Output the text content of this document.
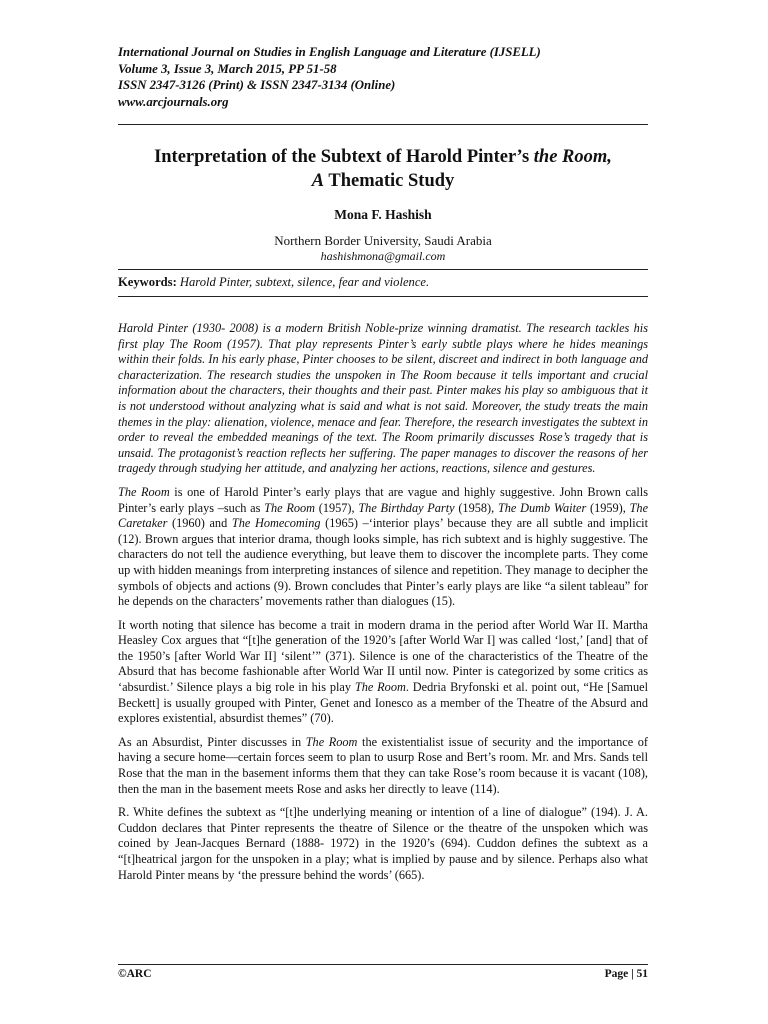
International Journal on Studies in English Language and Literature (IJSELL)
Volume 3, Issue 3, March 2015, PP 51-58
ISSN 2347-3126 (Print) & ISSN 2347-3134 (Online)
www.arcjournals.org
Interpretation of the Subtext of Harold Pinter’s the Room,
A Thematic Study
Mona F. Hashish
Northern Border University, Saudi Arabia
hashishmona@gmail.com
Keywords: Harold Pinter, subtext, silence, fear and violence.
Harold Pinter (1930- 2008) is a modern British Noble-prize winning dramatist. The research tackles his first play The Room (1957). That play represents Pinter’s early subtle plays where he hides meanings within their folds. In his early phase, Pinter chooses to be silent, discreet and indirect in both language and characterization. The research studies the unspoken in The Room because it tells important and crucial information about the characters, their thoughts and their past. Pinter makes his play so ambiguous that it is not understood without analyzing what is said and what is not said. Moreover, the study treats the main themes in the play: alienation, violence, menace and fear. Therefore, the research investigates the subtext in order to reveal the embedded meanings of the text. The Room primarily discusses Rose’s tragedy that is unsaid. The protagonist’s reaction reflects her suffering. The paper manages to discover the reasons of her tragedy through studying her attitude, and analyzing her actions, reactions, silence and gestures.

The Room is one of Harold Pinter’s early plays that are vague and highly suggestive. John Brown calls Pinter’s early plays –such as The Room (1957), The Birthday Party (1958), The Dumb Waiter (1959), The Caretaker (1960) and The Homecoming (1965) –‘interior plays’ because they are all subtle and implicit (12). Brown argues that interior drama, though looks simple, has rich subtext and is highly suggestive. The characters do not tell the audience everything, but leave them to discover the incomplete parts. They come up with hidden meanings from interpreting instances of silence and repetition. They manage to decipher the symbols of objects and actions (9). Brown concludes that Pinter’s early plays are like “a silent tableau” for he depends on the characters’ movements rather than dialogues (15).

It worth noting that silence has become a trait in modern drama in the period after World War II. Martha Heasley Cox argues that “[t]he generation of the 1920’s [after World War I] was called ‘lost,’ [and] that of the 1950’s [after World War II] ‘silent’” (371). Silence is one of the characteristics of the Theatre of the Absurd that has become fashionable after World War II until now. Pinter is categorized by some critics as ‘absurdist.’ Silence plays a big role in his play The Room. Dedria Bryfonski et al. point out, “He [Samuel Beckett] is usually grouped with Pinter, Genet and Ionesco as a member of the Theatre of the Absurd and explores existential, absurdist themes” (70).

As an Absurdist, Pinter discusses in The Room the existentialist issue of security and the importance of having a secure home—certain forces seem to plan to usurp Rose and Bert’s room. Mr. and Mrs. Sands tell Rose that the man in the basement informs them that they can take Rose’s room because it is vacant (108), then the man in the basement meets Rose and asks her directly to leave (114).

R. White defines the subtext as “[t]he underlying meaning or intention of a line of dialogue” (194). J. A. Cuddon declares that Pinter represents the theatre of Silence or the theatre of the unspoken which was coined by Jean-Jacques Bernard (1888- 1972) in the 1920’s (694). Cuddon defines the subtext as a “[t]heatrical jargon for the unspoken in a play; what is implied by pause and by silence. Perhaps also what Harold Pinter means by ‘the pressure behind the words’ (665).

©ARC	Page | 51
